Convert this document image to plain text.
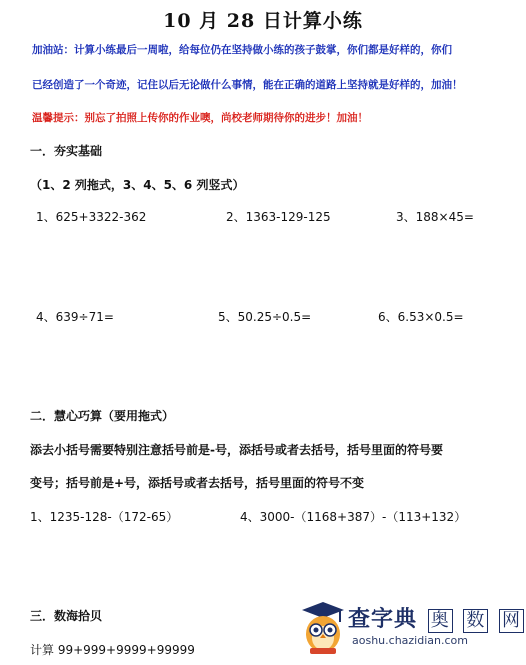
10 月 28 日计算小练
加油站：计算小练最后一周啦，给每位仍在坚持做小练的孩子鼓掌，你们都是好样的，你们
已经创造了一个奇迹，记住以后无论做什么事情，能在正确的道路上坚持就是好样的，加油！
温馨提示：别忘了拍照上传你的作业噢，尚校老师期待你的进步！加油！
一．夯实基础
（1、2 列拖式，3、4、5、6 列竖式）
1、625+3322-362	2、1363-129-125	3、188×45=
4、639÷71=	5、50.25÷0.5=	6、6.53×0.5=
二．慧心巧算（要用拖式）
添去小括号需要特别注意括号前是-号，添括号或者去括号，括号里面的符号要
变号；括号前是+号，添括号或者去括号，括号里面的符号不变
1、1235-128-（172-65）	4、3000-（1168+387）-（113+132）
三．数海拾贝
计算 99+999+9999+99999
查字典 奥 数 网
aoshu.chazidian.com
